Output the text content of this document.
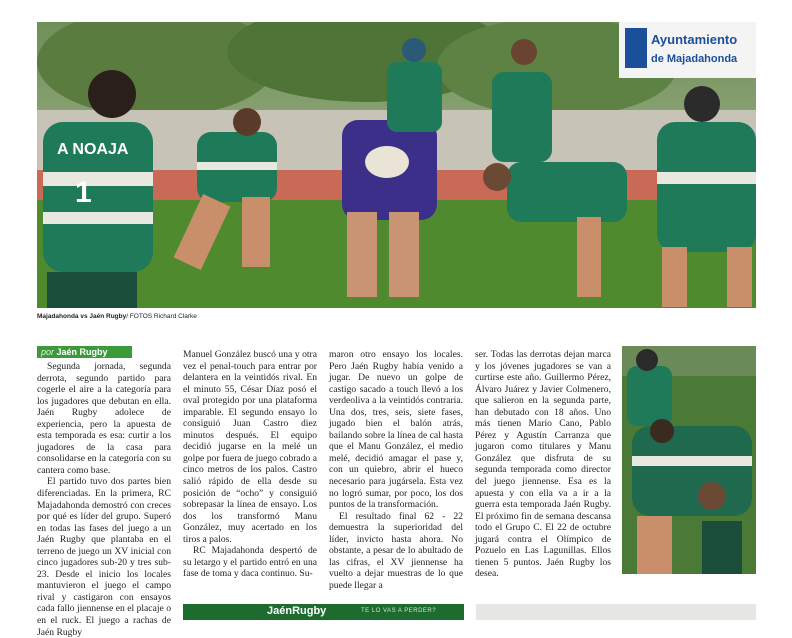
Ayuntamiento
de Majadahonda
A NOAJA
1
Majadahonda vs Jaén Rugby/ FOTOS Richard Clarke
por Jaén Rugby

Segunda jornada, segunda derrota, segundo partido para cogerle el aire a la categoría para los jugadores que debutan en ella. Jaén Rugby adolece de experiencia, pero la apuesta de esta temporada es esa: curtir a los jugadores de la casa para consolidarse en la categoría con su cantera como base.

El partido tuvo dos partes bien diferenciadas. En la primera, RC Majadahonda demostró con creces por qué es líder del grupo. Superó en todas las fases del juego a un Jaén Rugby que plantaba en el terreno de juego un XV inicial con cinco jugadores sub-20 y tres sub-23. Desde el inicio los locales mantuvieron el juego el campo rival y castigaron con ensayos cada fallo jiennense en el placaje o en el ruck. El juego a rachas de Jaén Rugby

Manuel González buscó una y otra vez el penal-touch para entrar por delantera en la veintidós rival. En el minuto 55, César Díaz posó el oval protegido por una plataforma imparable. El segundo ensayo lo consiguió Juan Castro diez minutos después. El equipo decidió jugarse en la melé un golpe por fuera de juego cobrado a cinco metros de los palos. Castro salió rápido de ella desde su posición de “ocho” y consiguió sobrepasar la línea de ensayo. Los dos los transformó Manu González, muy acertado en los tiros a palos.

RC Majadahonda despertó de su letargo y el partido entró en una fase de toma y daca continuo. Su-

maron otro ensayo los locales. Pero Jaén Rugby había venido a jugar. De nuevo un golpe de castigo sacado a touch llevó a los verdeoliva a la veintidós contraria. Una dos, tres, seis, siete fases, jugado bien el balón atrás, bailando sobre la línea de cal hasta que el Manu González, el medio melé, decidió amagar el pase y, con un quiebro, abrir el hueco necesario para jugársela. Esta vez no logró sumar, por poco, los dos puntos de la transformación.

El resultado final 62 - 22 demuestra la superioridad del líder, invicto hasta ahora. No obstante, a pesar de lo abultado de las cifras, el XV jiennense ha vuelto a dejar muestras de lo que puede llegar a

ser. Todas las derrotas dejan marca y los jóvenes jugadores se van a curtirse este año. Guillermo Pérez, Álvaro Juárez y Javier Colmenero, que salieron en la segunda parte, han debutado con 18 años. Uno más tienen Mario Cano, Pablo Pérez y Agustín Carranza que jugaron como titulares y Manu González que disfruta de su segunda temporada como director del juego jiennense. Esa es la apuesta y con ella va a ir a la guerra esta temporada Jaén Rugby. El próximo fin de semana descansa todo el Grupo C. El 22 de octubre jugará contra el Olímpico de Pozuelo en Las Lagunillas. Ellos tienen 5 puntos. Jaén Rugby los desea.

JaénRugby	TE LO VAS A PERDER?
